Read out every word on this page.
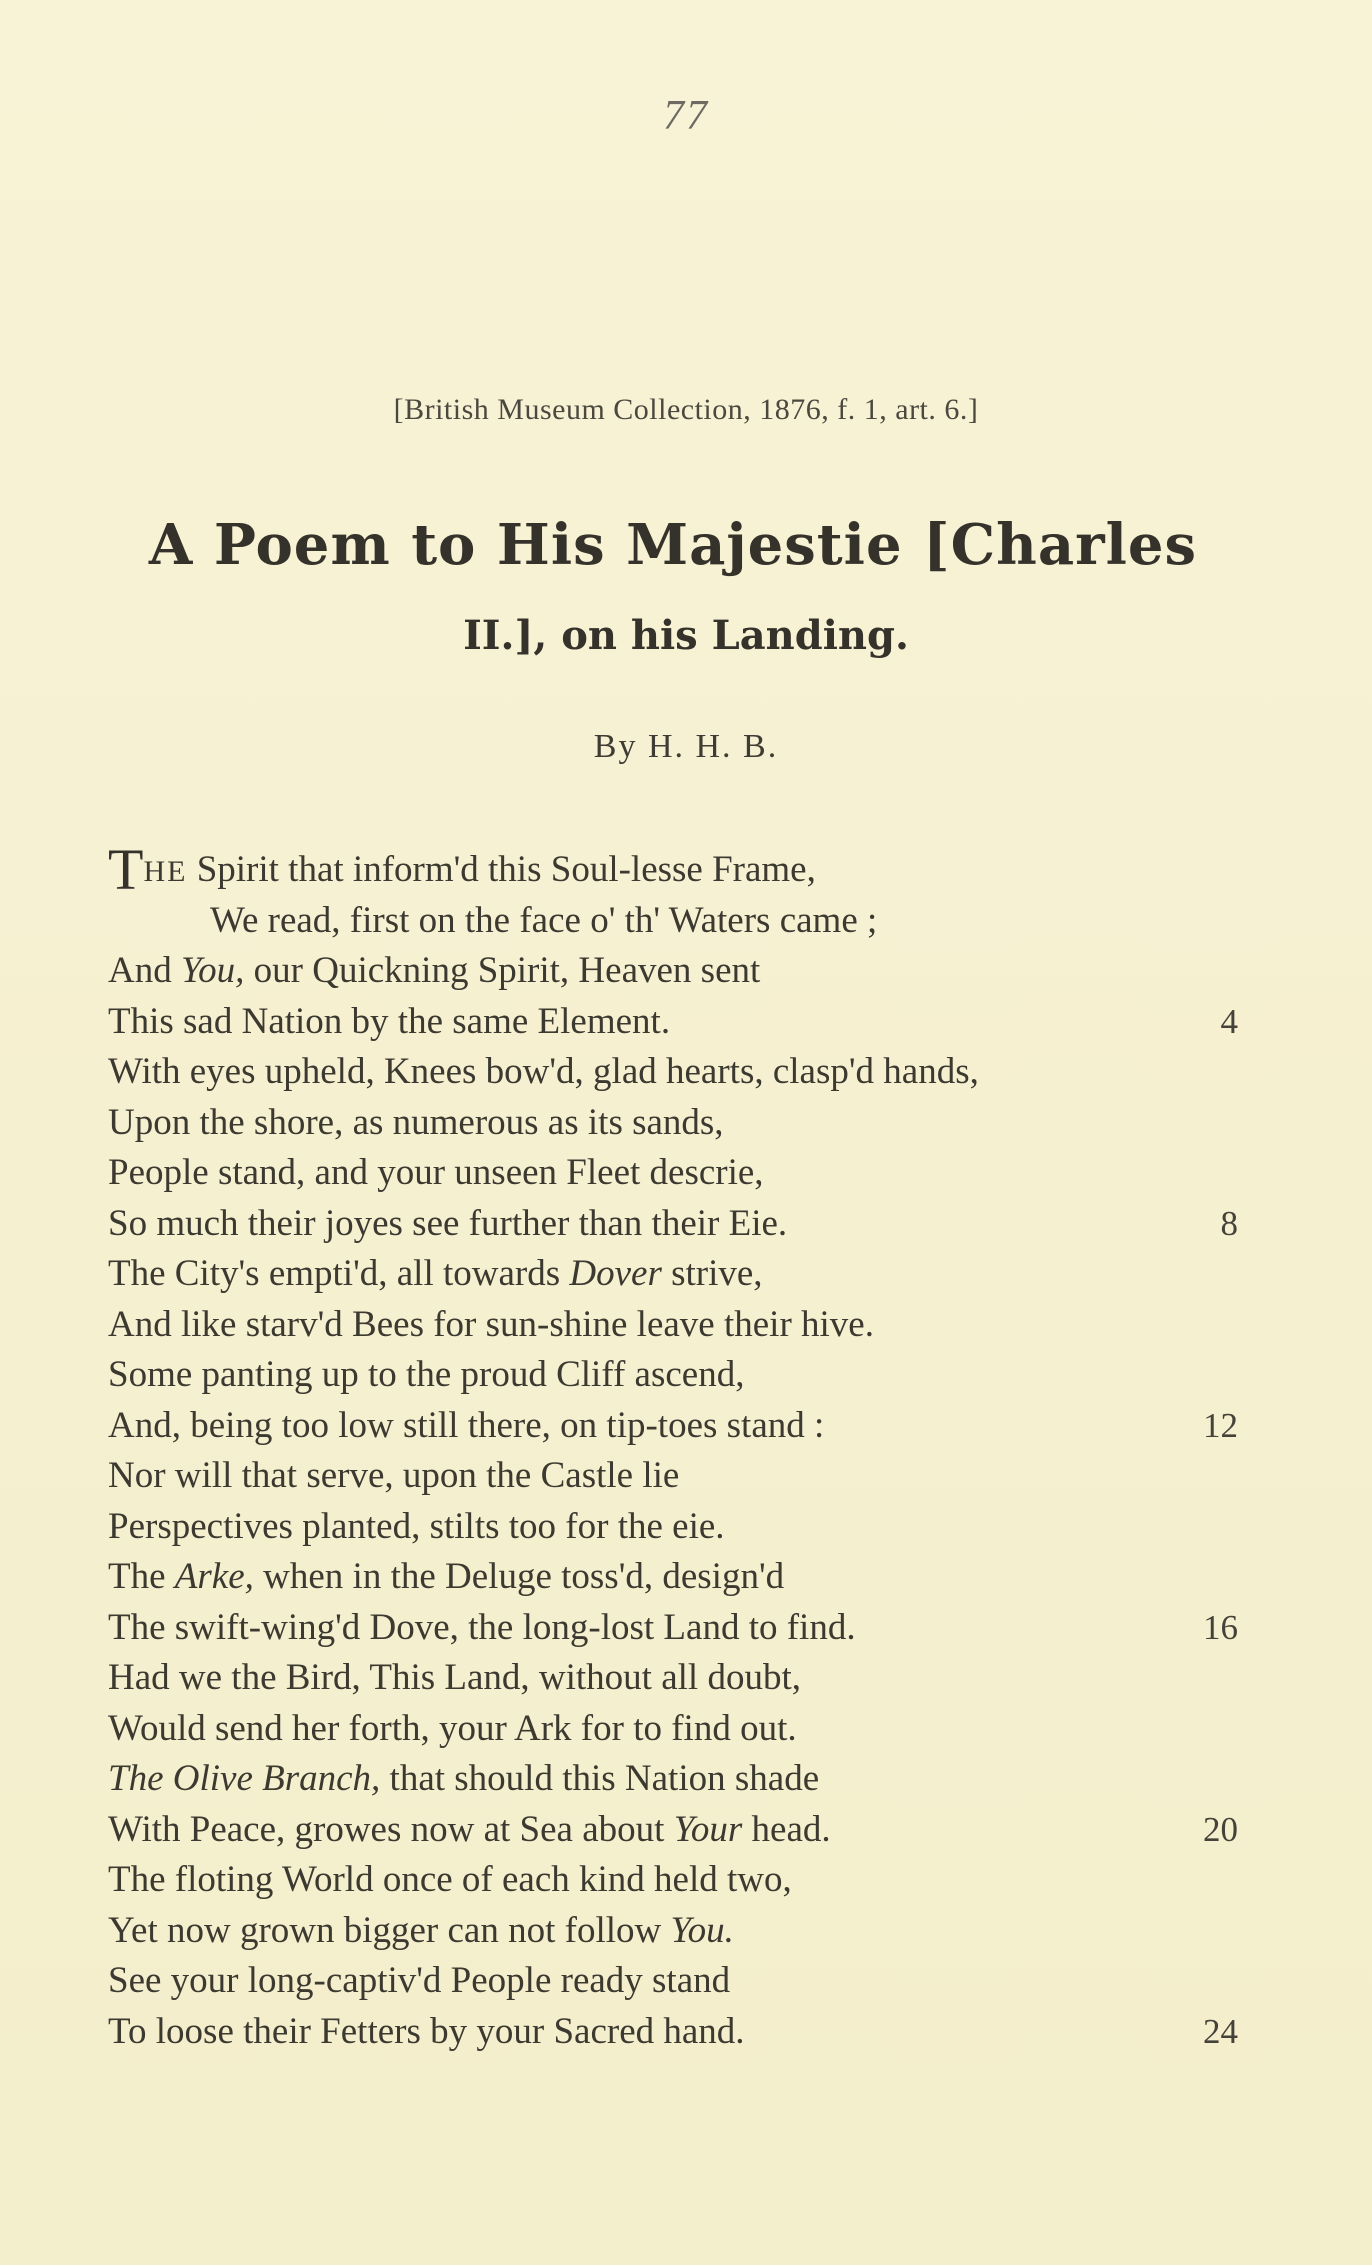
77
[British Museum Collection, 1876, f. 1, art. 6.]
A Poem to His Majestie [Charles
II.], on his Landing.
By H. H. B.
THE Spirit that inform'd this Soul-lesse Frame,
We read, first on the face o' th' Waters came ;
And You, our Quickning Spirit, Heaven sent
This sad Nation by the same Element.	4
With eyes upheld, Knees bow'd, glad hearts, clasp'd hands,
Upon the shore, as numerous as its sands,
People stand, and your unseen Fleet descrie,
So much their joyes see further than their Eie.	8
The City's empti'd, all towards Dover strive,
And like starv'd Bees for sun-shine leave their hive.
Some panting up to the proud Cliff ascend,
And, being too low still there, on tip-toes stand :	12
Nor will that serve, upon the Castle lie
Perspectives planted, stilts too for the eie.
The Arke, when in the Deluge toss'd, design'd
The swift-wing'd Dove, the long-lost Land to find.	16
Had we the Bird, This Land, without all doubt,
Would send her forth, your Ark for to find out.
The Olive Branch, that should this Nation shade
With Peace, growes now at Sea about Your head.	20
The floting World once of each kind held two,
Yet now grown bigger can not follow You.
See your long-captiv'd People ready stand
To loose their Fetters by your Sacred hand.	24
